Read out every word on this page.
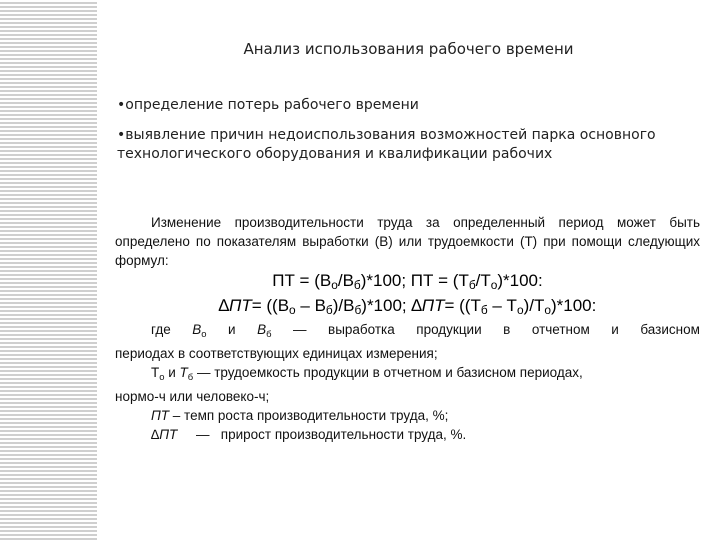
Анализ использования рабочего времени
•определение потерь рабочего времени
•выявление причин недоиспользования возможностей парка основного технологического оборудования и квалификации рабочих
Изменение производительности труда за определенный период может быть определено по показателям выработки (В) или трудоемкости (Т) при помощи следующих формул:
ПТ = $(В_о/В_б)*100$; ПТ = $(Т_б/Т_о)*100$:
$\Delta ПТ= ((В_о - В_б)/В_б)*100$; $\Delta ПТ= ((Т_б - Т_о)/Т_о)*100$:
где $В_о$ и $В_б$ — выработка продукции в отчетном и базисном
периодах в соответствующих единицах измерения;
$Т_о$ и $Т_б$ — трудоемкость продукции в отчетном и базисном периодах,
нормо-ч или человеко-ч;
ПТ – темп роста производительности труда, %;
∆ПТ     —   прирост производительности труда, %.
